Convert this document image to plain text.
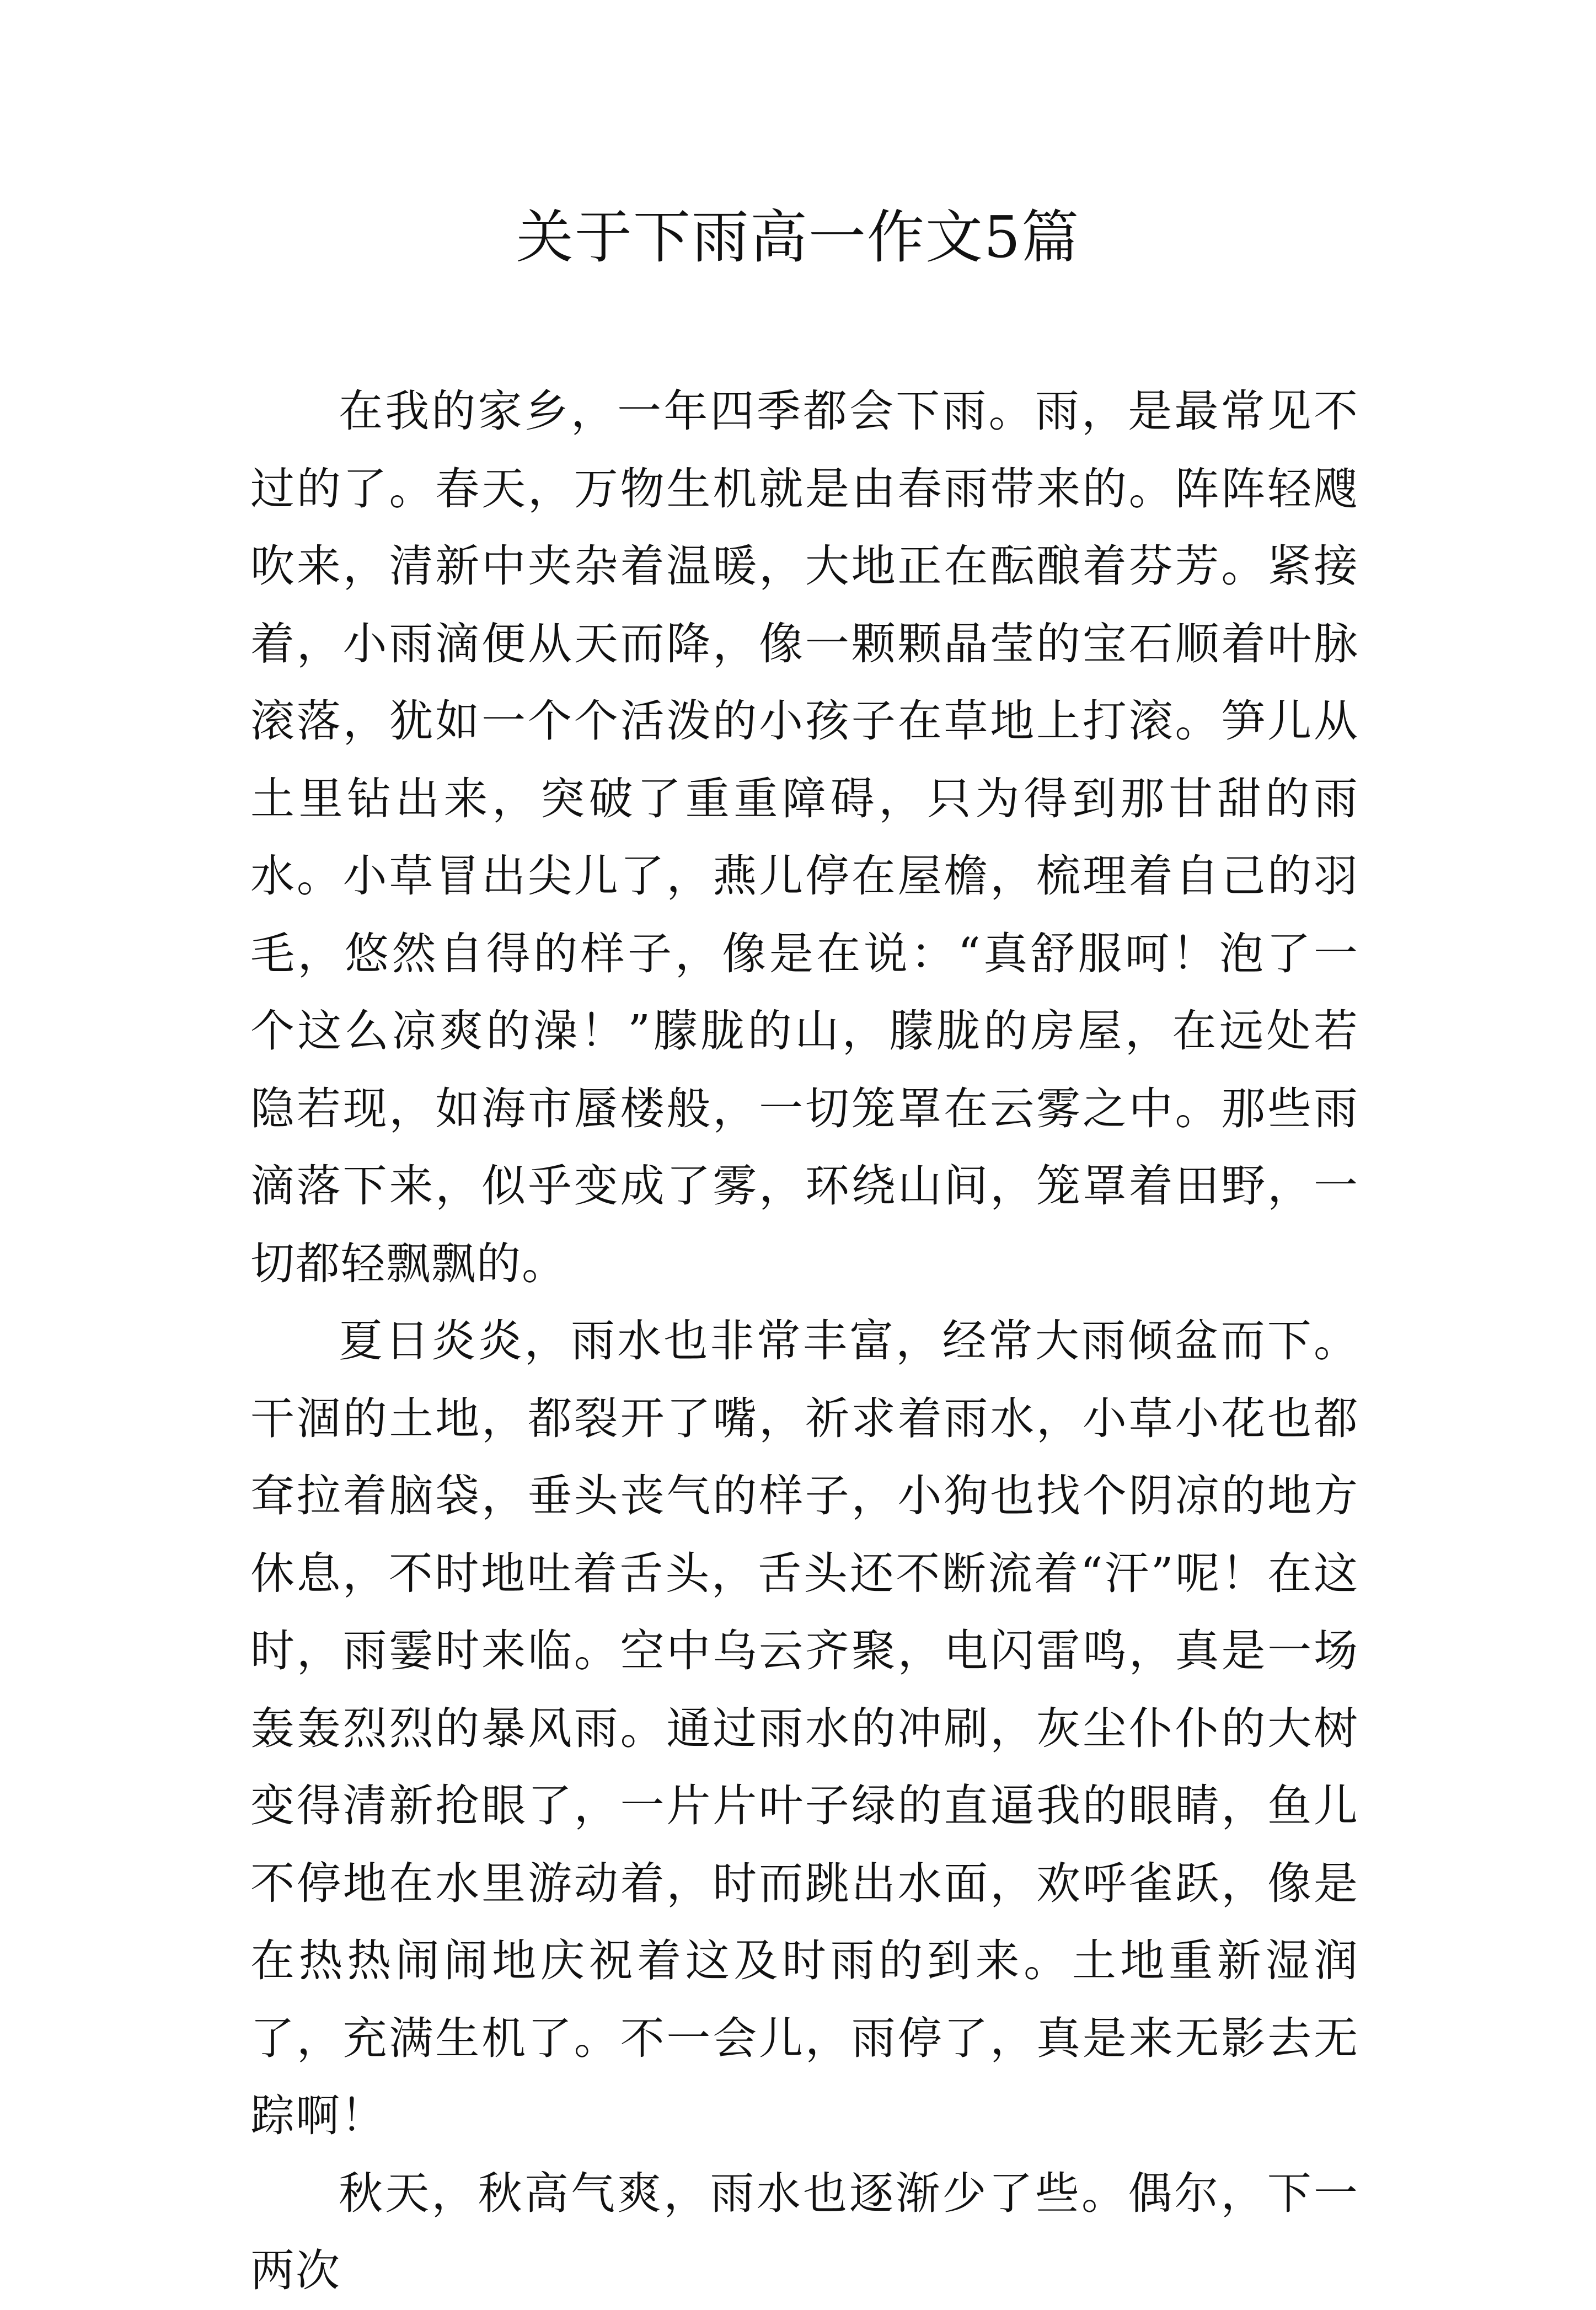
关于下雨高一作文5篇

在我的家乡，一年四季都会下雨。雨，是最常见不过的了。春天，万物生机就是由春雨带来的。阵阵轻飕吹来，清新中夹杂着温暖，大地正在酝酿着芬芳。紧接着，小雨滴便从天而降，像一颗颗晶莹的宝石顺着叶脉滚落，犹如一个个活泼的小孩子在草地上打滚。笋儿从土里钻出来，突破了重重障碍，只为得到那甘甜的雨水。小草冒出尖儿了，燕儿停在屋檐，梳理着自己的羽毛，悠然自得的样子，像是在说：“真舒服呵！泡了一个这么凉爽的澡！”朦胧的山，朦胧的房屋，在远处若隐若现，如海市蜃楼般，一切笼罩在云雾之中。那些雨滴落下来，似乎变成了雾，环绕山间，笼罩着田野，一切都轻飘飘的。

夏日炎炎，雨水也非常丰富，经常大雨倾盆而下。干涸的土地，都裂开了嘴，祈求着雨水，小草小花也都耷拉着脑袋，垂头丧气的样子，小狗也找个阴凉的地方休息，不时地吐着舌头，舌头还不断流着“汗”呢！在这时，雨霎时来临。空中乌云齐聚，电闪雷鸣，真是一场轰轰烈烈的暴风雨。通过雨水的冲刷，灰尘仆仆的大树变得清新抢眼了，一片片叶子绿的直逼我的眼睛，鱼儿不停地在水里游动着，时而跳出水面，欢呼雀跃，像是在热热闹闹地庆祝着这及时雨的到来。土地重新湿润了，充满生机了。不一会儿，雨停了，真是来无影去无踪啊！

秋天，秋高气爽，雨水也逐渐少了些。偶尔，下一两次
